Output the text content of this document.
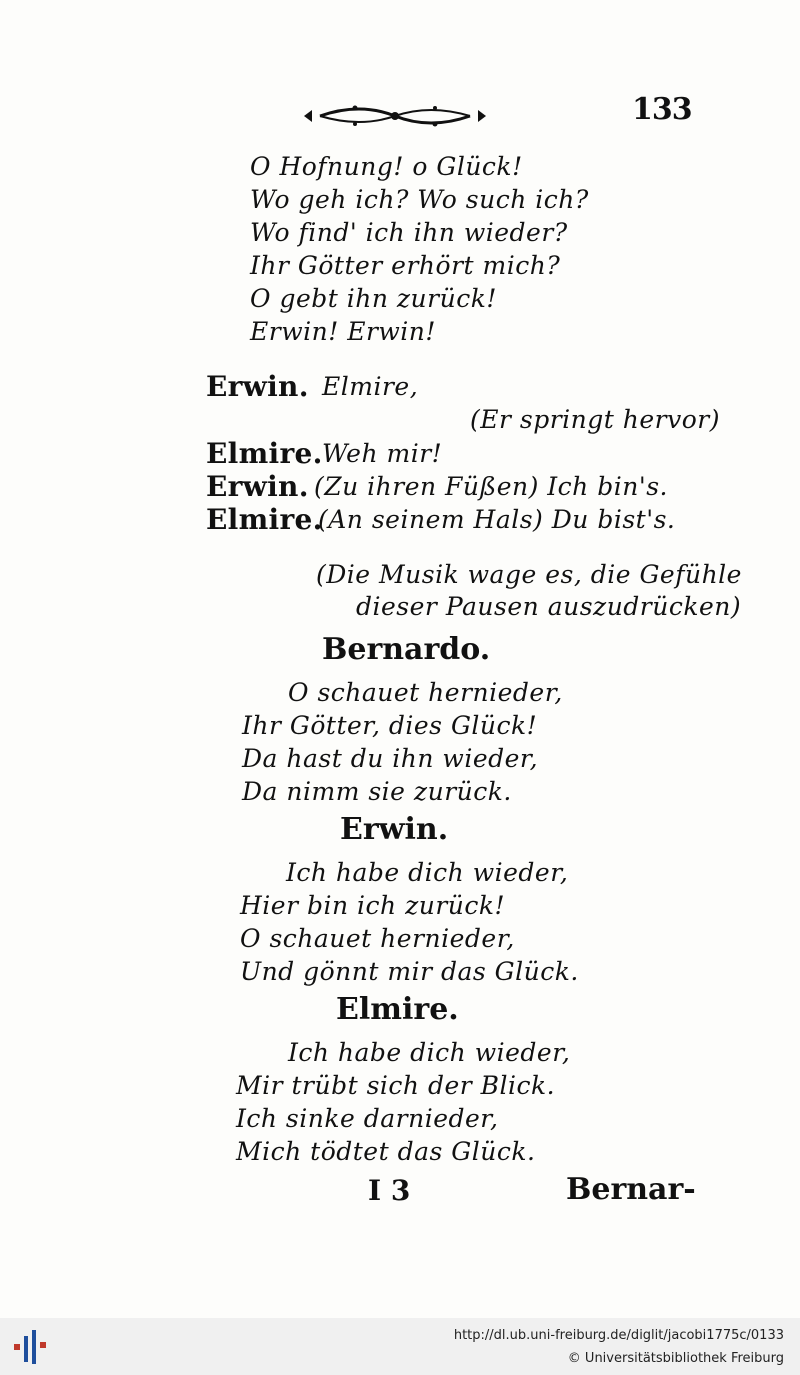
133
O Hofnung! o Glück!
Wo geh ich? Wo such ich?
Wo find' ich ihn wieder?
Ihr Götter erhört mich?
O gebt ihn zurück!
Erwin! Erwin!
Erwin. Elmire,
(Er springt hervor)
Elmire. Weh mir!
Erwin. (Zu ihren Füßen) Ich bin's.
Elmire.
(An seinem Hals) Du bist's.
(Die Musik wage es, die Gefühle
dieser Pausen auszudrücken)
Bernardo.
O schauet hernieder,
Ihr Götter, dies Glück!
Da hast du ihn wieder,
Da nimm sie zurück.
Erwin.
Ich habe dich wieder,
Hier bin ich zurück!
O schauet hernieder,
Und gönnt mir das Glück.
Elmire.
Ich habe dich wieder,
Mir trübt sich der Blick.
Ich sinke darnieder,
Mich tödtet das Glück.
I 3	Bernar-
http://dl.ub.uni-freiburg.de/diglit/jacobi1775c/0133
© Universitätsbibliothek Freiburg
